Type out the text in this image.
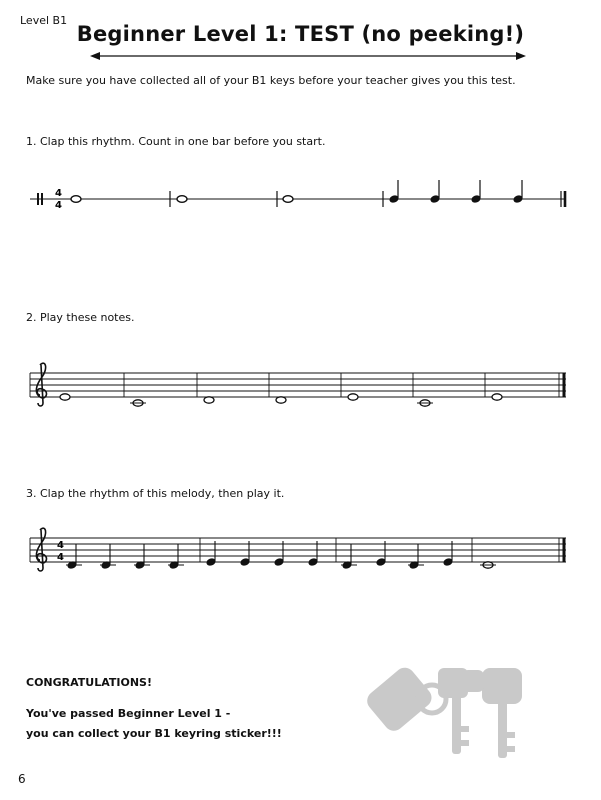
Level B1
Beginner Level 1: TEST (no peeking!)
Make sure you have collected all of your B1 keys before your teacher gives you this test.
1. Clap this rhythm. Count in one bar before you start.
2. Play these notes.
3. Clap the rhythm of this melody, then play it.
4
4
4
4
CONGRATULATIONS!
You've passed Beginner Level 1 -
you can collect your B1 keyring sticker!!!
6
